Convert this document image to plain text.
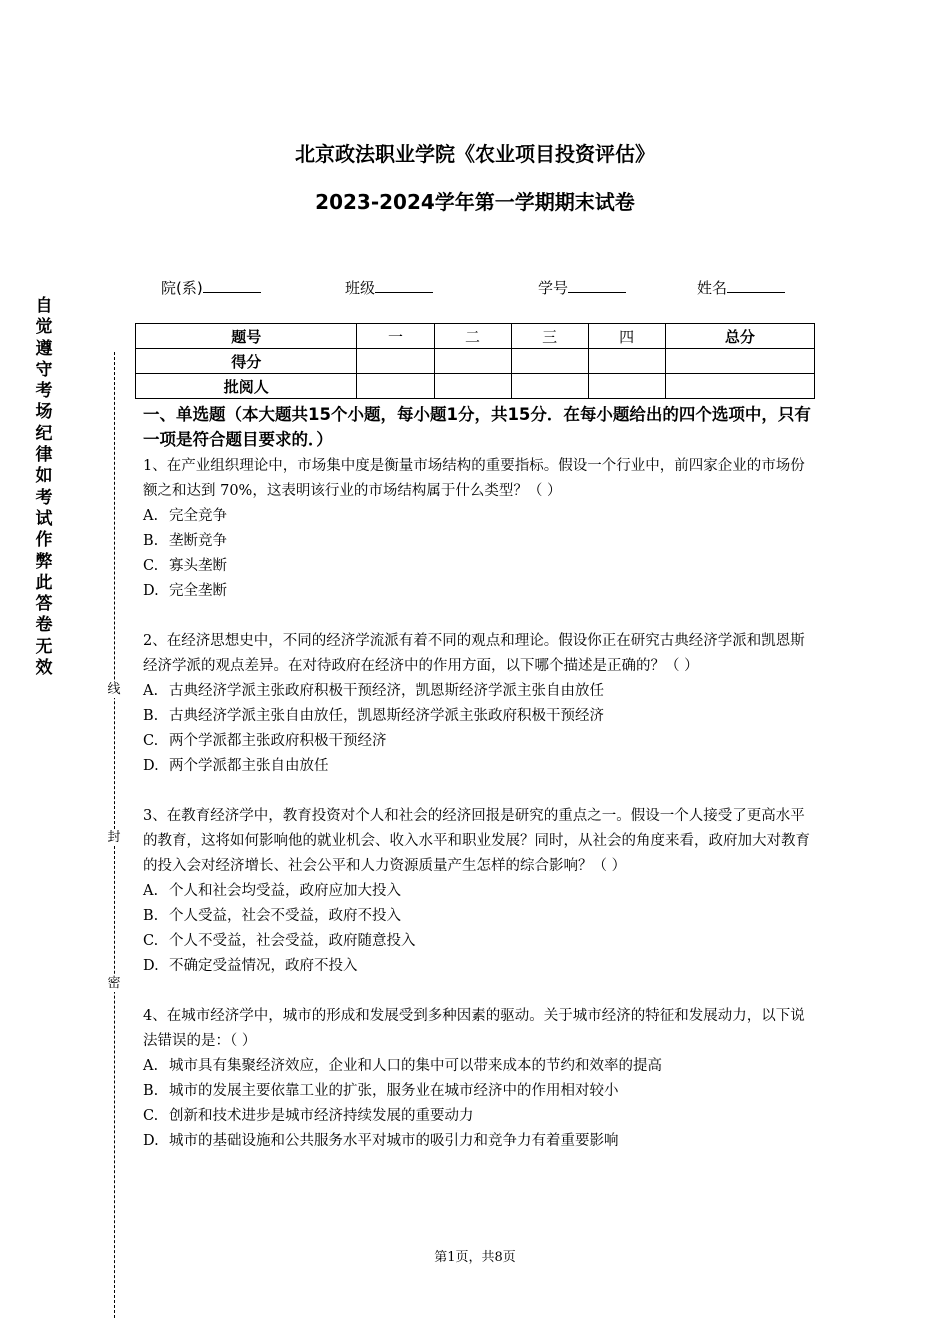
北京政法职业学院《农业项目投资评估》
2023-2024学年第一学期期末试卷
院(系)	班级	学号	姓名
题号	一	二	三	四	总分
得分					
批阅人					
自
觉
遵
守
考
场
纪
律
如
考
试
作
弊
此
答
卷
无
效
线
封
密
一、单选题（本大题共15个小题，每小题1分，共15分．在每小题给出的四个选项中，只有一项是符合题目要求的．）
1、在产业组织理论中，市场集中度是衡量市场结构的重要指标。假设一个行业中，前四家企业的市场份额之和达到 70%，这表明该行业的市场结构属于什么类型？（ ）
A. 完全竞争
B. 垄断竞争
C. 寡头垄断
D. 完全垄断
2、在经济思想史中，不同的经济学流派有着不同的观点和理论。假设你正在研究古典经济学派和凯恩斯经济学派的观点差异。在对待政府在经济中的作用方面，以下哪个描述是正确的？（ ）
A. 古典经济学派主张政府积极干预经济，凯恩斯经济学派主张自由放任
B. 古典经济学派主张自由放任，凯恩斯经济学派主张政府积极干预经济
C. 两个学派都主张政府积极干预经济
D. 两个学派都主张自由放任
3、在教育经济学中，教育投资对个人和社会的经济回报是研究的重点之一。假设一个人接受了更高水平的教育，这将如何影响他的就业机会、收入水平和职业发展？同时，从社会的角度来看，政府加大对教育的投入会对经济增长、社会公平和人力资源质量产生怎样的综合影响？（ ）
A. 个人和社会均受益，政府应加大投入
B. 个人受益，社会不受益，政府不投入
C. 个人不受益，社会受益，政府随意投入
D. 不确定受益情况，政府不投入
4、在城市经济学中，城市的形成和发展受到多种因素的驱动。关于城市经济的特征和发展动力，以下说法错误的是：（ ）
A. 城市具有集聚经济效应，企业和人口的集中可以带来成本的节约和效率的提高
B. 城市的发展主要依靠工业的扩张，服务业在城市经济中的作用相对较小
C. 创新和技术进步是城市经济持续发展的重要动力
D. 城市的基础设施和公共服务水平对城市的吸引力和竞争力有着重要影响
第1页，共8页
